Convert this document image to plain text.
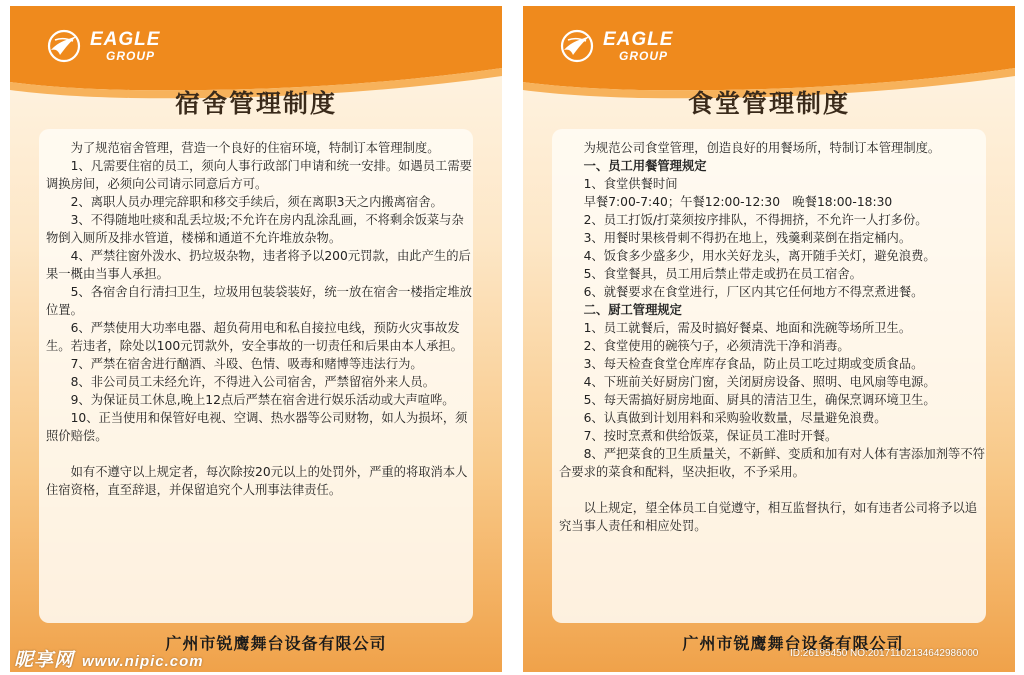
EAGLE
GROUP
宿舍管理制度

为了规范宿舍管理，营造一个良好的住宿环境，特制订本管理制度。

1、凡需要住宿的员工，须向人事行政部门申请和统一安排。如遇员工需要调换房间，必须向公司请示同意后方可。

2、离职人员办理完辞职和移交手续后，须在离职3天之内搬离宿舍。

3、不得随地吐痰和乱丢垃圾;不允许在房内乱涂乱画，不将剩余饭菜与杂物倒入厕所及排水管道，楼梯和通道不允许堆放杂物。

4、严禁往窗外泼水、扔垃圾杂物，违者将予以200元罚款，由此产生的后果一概由当事人承担。

5、各宿舍自行清扫卫生，垃圾用包装袋装好，统一放在宿舍一楼指定堆放位置。

6、严禁使用大功率电器、超负荷用电和私自接拉电线，预防火灾事故发生。若违者，除处以100元罚款外，安全事故的一切责任和后果由本人承担。

7、严禁在宿舍进行酗酒、斗殴、色情、吸毒和赌博等违法行为。

8、非公司员工未经允许，不得进入公司宿舍，严禁留宿外来人员。

9、为保证员工休息,晚上12点后严禁在宿舍进行娱乐活动或大声喧哗。

10、正当使用和保管好电视、空调、热水器等公司财物，如人为损坏，须照价赔偿。

如有不遵守以上规定者，每次除按20元以上的处罚外，严重的将取消本人住宿资格，直至辞退，并保留追究个人刑事法律责任。

广州市锐鹰舞台设备有限公司
EAGLE
GROUP
食堂管理制度

为规范公司食堂管理，创造良好的用餐场所，特制订本管理制度。

一、员工用餐管理规定

1、食堂供餐时间

早餐7:00-7:40；午餐12:00-12:30　晚餐18:00-18:30

2、员工打饭/打菜须按序排队，不得拥挤，不允许一人打多份。

3、用餐时果核骨刺不得扔在地上，残羹剩菜倒在指定桶内。

4、饭食多少盛多少，用水关好龙头，离开随手关灯，避免浪费。

5、食堂餐具，员工用后禁止带走或扔在员工宿舍。

6、就餐要求在食堂进行，厂区内其它任何地方不得烹煮进餐。

二、厨工管理规定

1、员工就餐后，需及时搞好餐桌、地面和洗碗等场所卫生。

2、食堂使用的碗筷勺子，必须清洗干净和消毒。

3、每天检查食堂仓库库存食品，防止员工吃过期或变质食品。

4、下班前关好厨房门窗，关闭厨房设备、照明、电风扇等电源。

5、每天需搞好厨房地面、厨具的清洁卫生，确保烹调环境卫生。

6、认真做到计划用料和采购验收数量，尽量避免浪费。

7、按时烹煮和供给饭菜，保证员工准时开餐。

8、严把菜食的卫生质量关，不新鲜、变质和加有对人体有害添加剂等不符合要求的菜食和配料，坚决拒收，不予采用。

以上规定，望全体员工自觉遵守，相互监督执行，如有违者公司将予以追究当事人责任和相应处罚。

广州市锐鹰舞台设备有限公司
昵享网 www.nipic.com	ID:26195450 NO:20171102134642986000
